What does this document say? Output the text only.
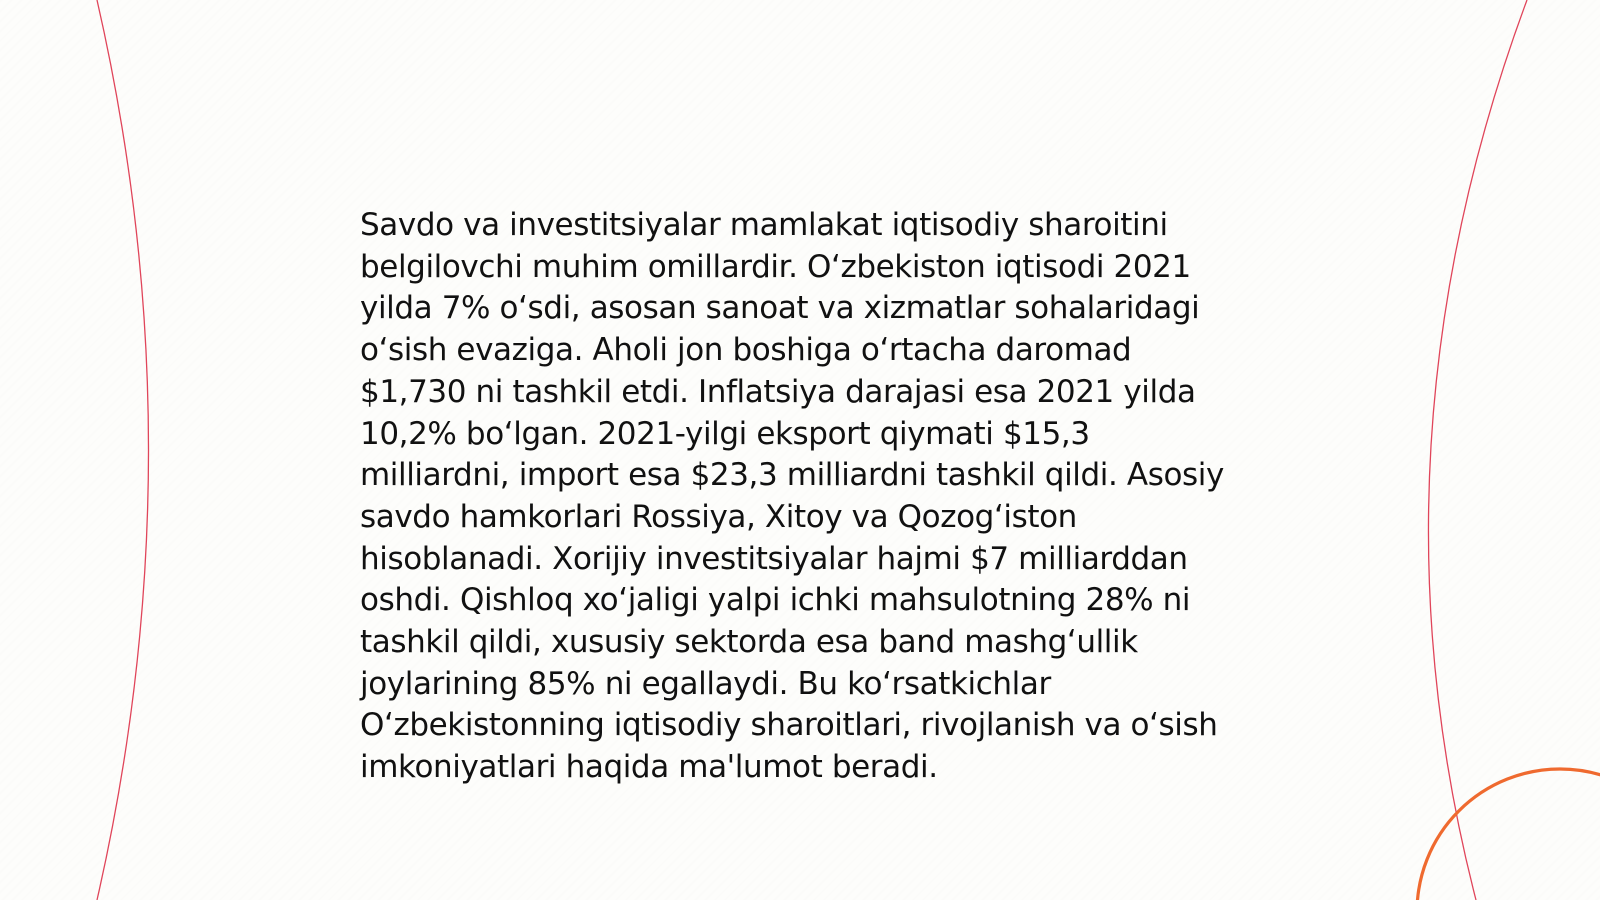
Savdo va investitsiyalar mamlakat iqtisodiy sharoitini belgilovchi muhim omillardir. O‘zbekiston iqtisodi 2021 yilda 7% o‘sdi, asosan sanoat va xizmatlar sohalaridagi o‘sish evaziga. Aholi jon boshiga o‘rtacha daromad $1,730 ni tashkil etdi. Inflatsiya darajasi esa 2021 yilda 10,2% bo‘lgan. 2021-yilgi eksport qiymati $15,3 milliardni, import esa $23,3 milliardni tashkil qildi. Asosiy savdo hamkorlari Rossiya, Xitoy va Qozog‘iston hisoblanadi. Xorijiy investitsiyalar hajmi $7 milliarddan oshdi. Qishloq xo‘jaligi yalpi ichki mahsulotning 28% ni tashkil qildi, xususiy sektorda esa band mashg‘ullik joylarining 85% ni egallaydi. Bu ko‘rsatkichlar O‘zbekistonning iqtisodiy sharoitlari, rivojlanish va o‘sish imkoniyatlari haqida ma'lumot beradi.
